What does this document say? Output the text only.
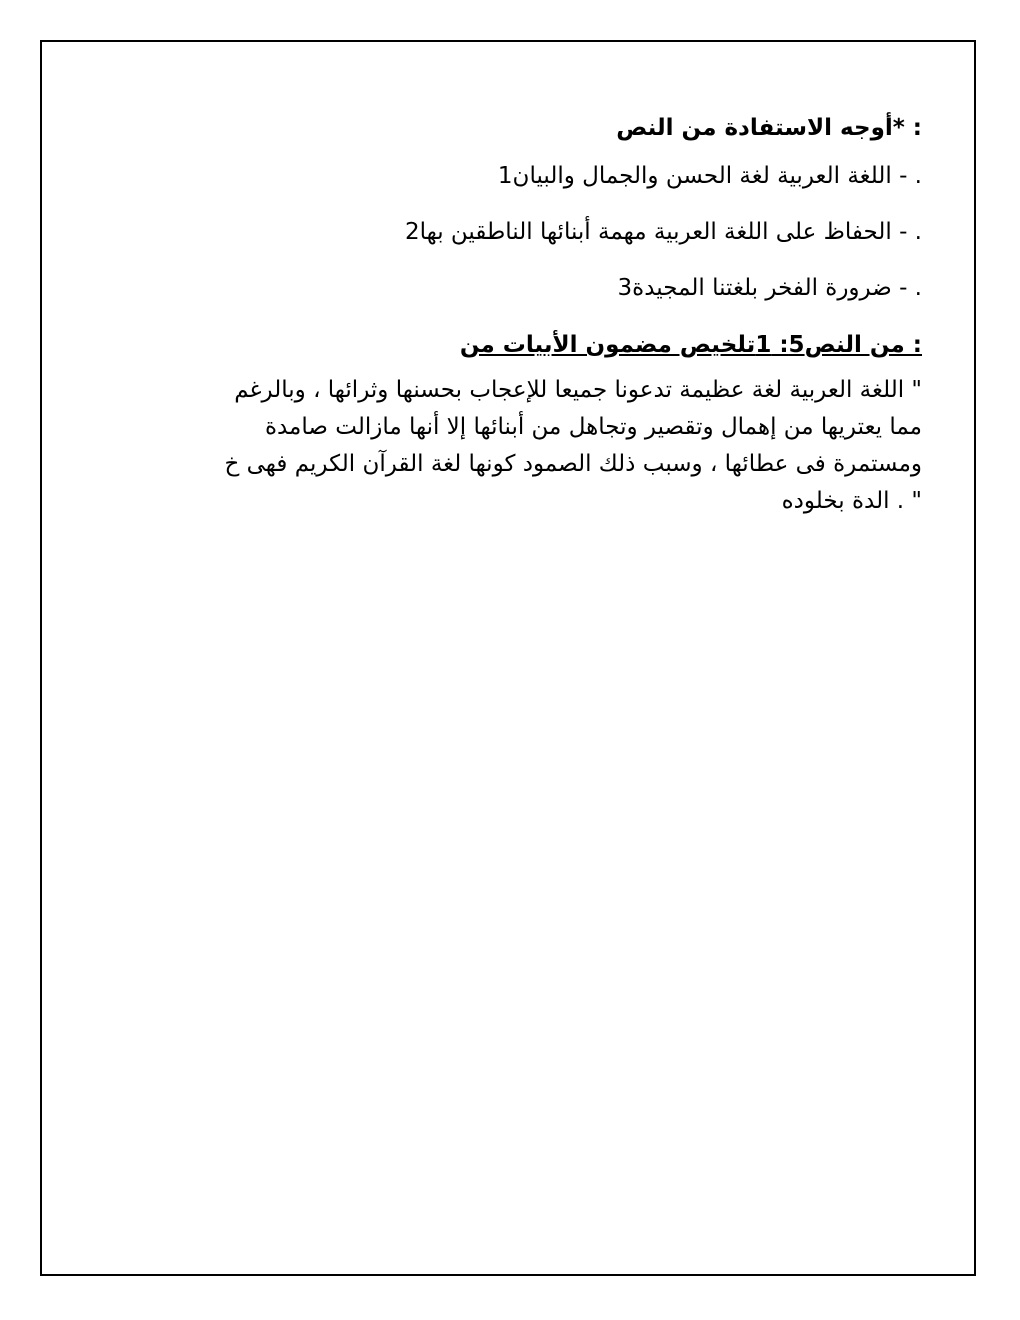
: *أوجه الاستفادة من النص
. - اللغة العربية لغة الحسن والجمال والبيان1
. - الحفاظ على اللغة العربية مهمة أبنائها الناطقين بها2
. - ضرورة الفخر بلغتنا المجيدة3
: من النص5: 1تلخيص مضمون الأبيات من
" اللغة العربية لغة عظيمة تدعونا جميعا للإعجاب بحسنها وثرائها ، وبالرغم
مما يعتريها من إهمال وتقصير وتجاهل من أبنائها إلا أنها مازالت صامدة
ومستمرة فى عطائها ، وسبب ذلك الصمود كونها لغة القرآن الكريم فهى خ
" . الدة بخلوده
